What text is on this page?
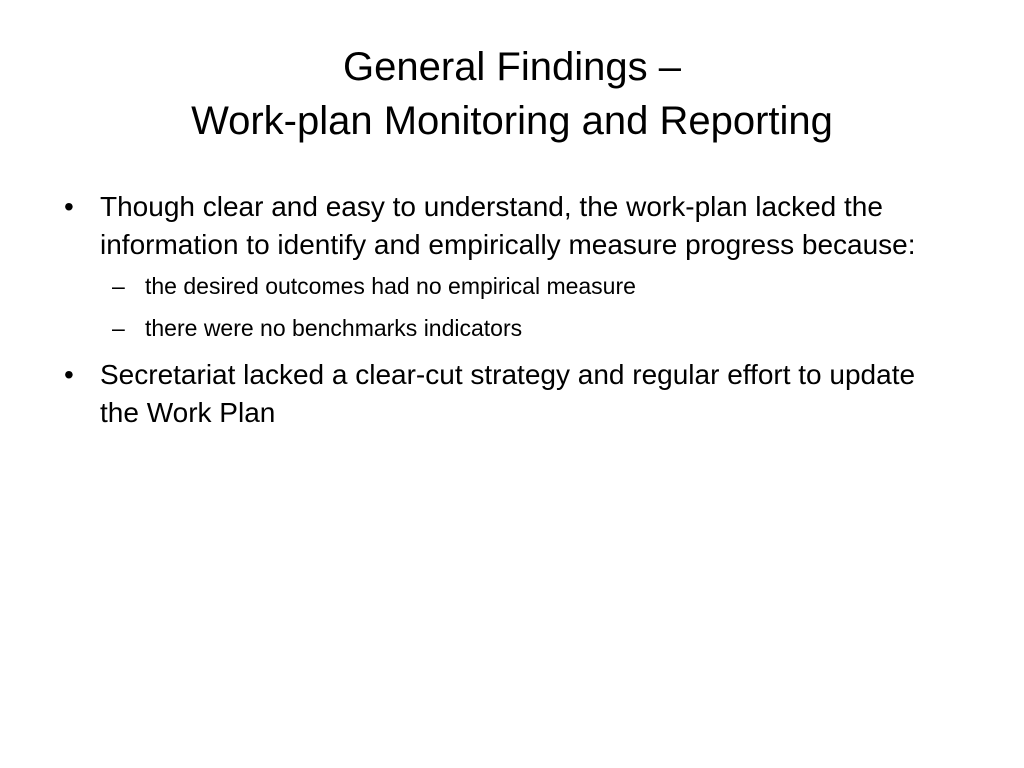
General Findings –
Work-plan Monitoring and Reporting
• Though clear and easy to understand, the work-plan lacked the information to identify and empirically measure progress because:
– the desired outcomes had no empirical measure
– there were no benchmarks indicators
• Secretariat lacked a clear-cut strategy and regular effort to update the Work Plan
